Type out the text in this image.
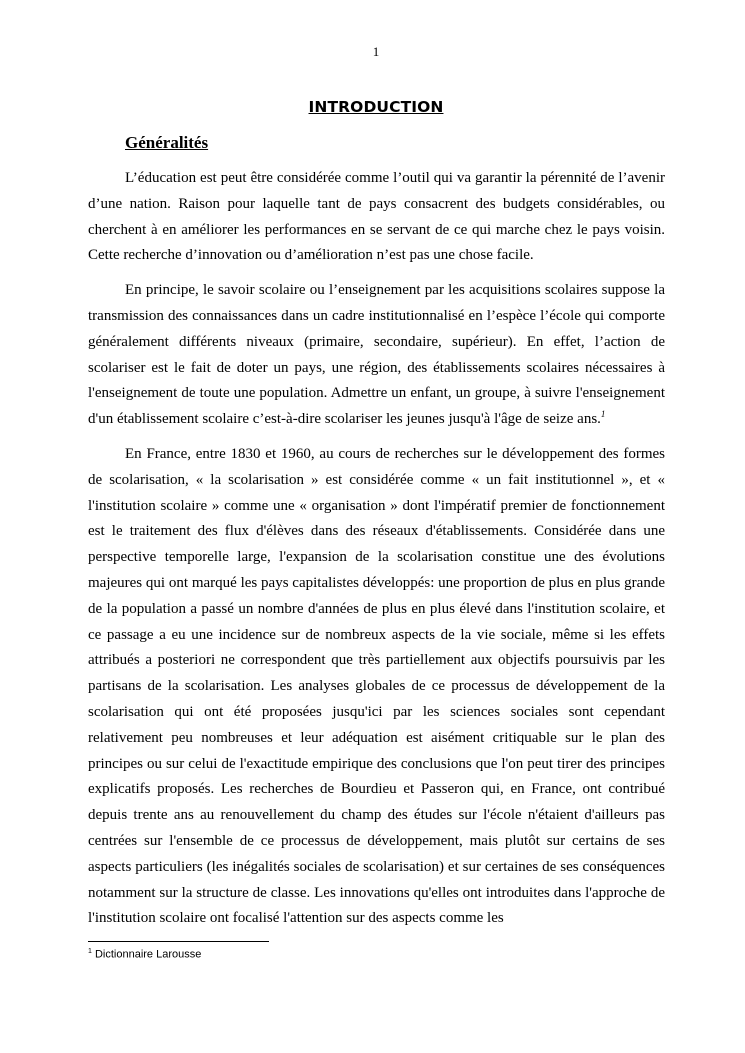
1
INTRODUCTION
Généralités

L’éducation est peut être considérée comme l’outil qui va garantir la pérennité de l’avenir d’une nation. Raison pour laquelle tant de pays consacrent des budgets considérables, ou cherchent à en améliorer les performances en se servant de ce qui marche chez le pays voisin. Cette recherche d’innovation ou d’amélioration n’est pas une chose facile.

En principe, le savoir scolaire ou l’enseignement par les acquisitions scolaires suppose la transmission des connaissances dans un cadre institutionnalisé en l’espèce l’école qui comporte généralement différents niveaux (primaire, secondaire, supérieur). En effet, l’action de scolariser est le fait de doter un pays, une région, des établissements scolaires nécessaires à l'enseignement de toute une population. Admettre un enfant, un groupe, à suivre l'enseignement d'un établissement scolaire c’est-à-dire scolariser les jeunes jusqu'à l'âge de seize ans.$^1$

En France, entre 1830 et 1960, au cours de recherches sur le développement des formes de scolarisation, « la scolarisation » est considérée comme « un fait institutionnel », et « l'institution scolaire » comme une « organisation » dont l'impératif premier de fonctionnement est le traitement des flux d'élèves dans des réseaux d'établissements. Considérée dans une perspective temporelle large, l'expansion de la scolarisation constitue une des évolutions majeures qui ont marqué les pays capitalistes développés: une proportion de plus en plus grande de la population a passé un nombre d'années de plus en plus élevé dans l'institution scolaire, et ce passage a eu une incidence sur de nombreux aspects de la vie sociale, même si les effets attribués a posteriori ne correspondent que très partiellement aux objectifs poursuivis par les partisans de la scolarisation. Les analyses globales de ce processus de développement de la scolarisation qui ont été proposées jusqu'ici par les sciences sociales sont cependant relativement peu nombreuses et leur adéquation est aisément critiquable sur le plan des principes ou sur celui de l'exactitude empirique des conclusions que l'on peut tirer des principes explicatifs proposés. Les recherches de Bourdieu et Passeron qui, en France, ont contribué depuis trente ans au renouvellement du champ des études sur l'école n'étaient d'ailleurs pas centrées sur l'ensemble de ce processus de développement, mais plutôt sur certains de ses aspects particuliers (les inégalités sociales de scolarisation) et sur certaines de ses conséquences notamment sur la structure de classe. Les innovations qu'elles ont introduites dans l'approche de l'institution scolaire ont focalisé l'attention sur des aspects comme les

$^1$ Dictionnaire Larousse
